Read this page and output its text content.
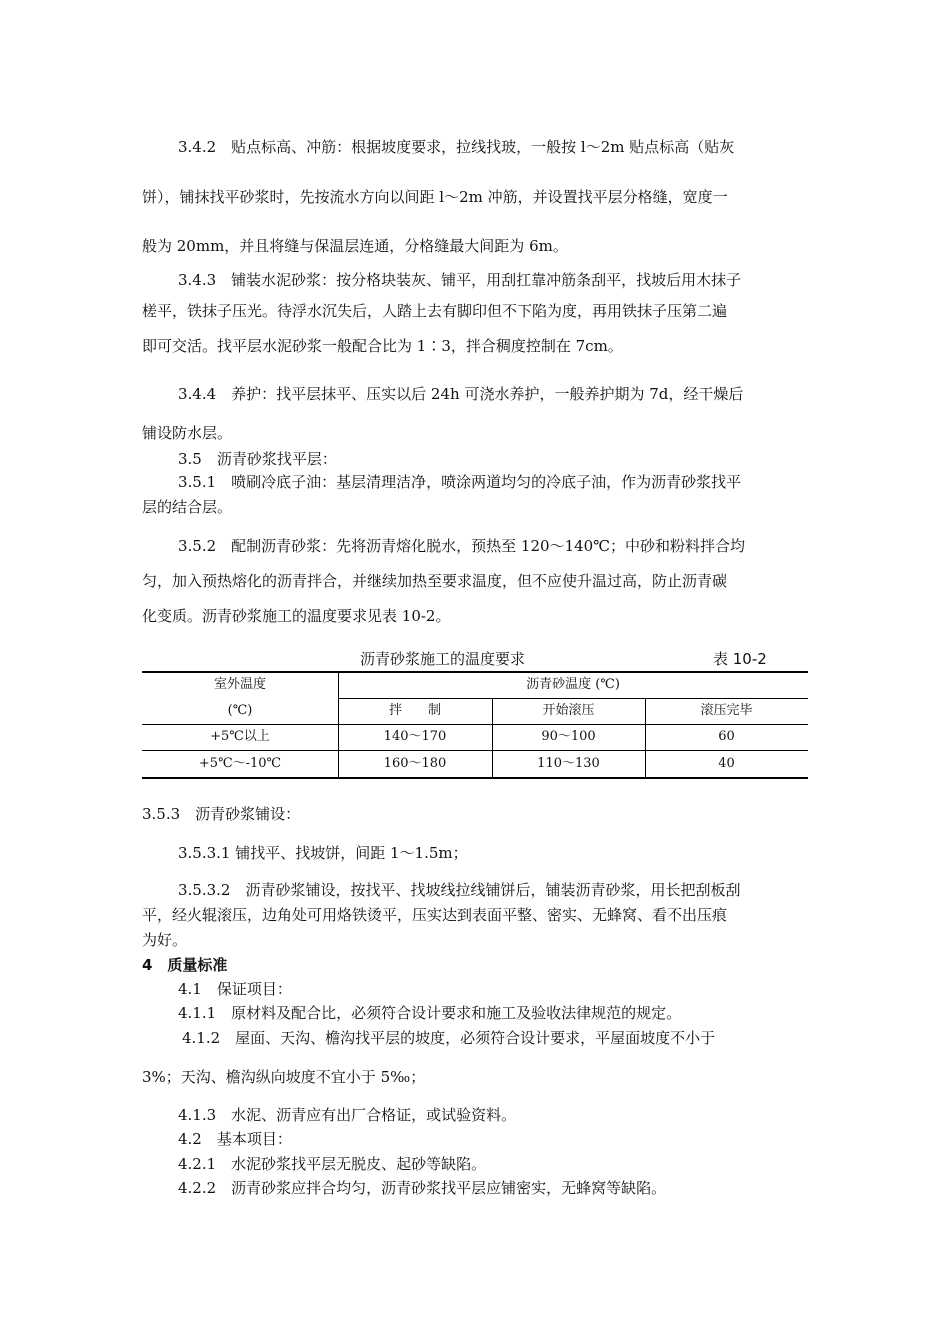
3.4.2　贴点标高、冲筋：根据坡度要求，拉线找玻，一般按 l～2m 贴点标高（贴灰
饼），铺抹找平砂浆时，先按流水方向以间距 l～2m 冲筋，并设置找平层分格缝，宽度一
般为 20mm，并且将缝与保温层连通，分格缝最大间距为 6m。
3.4.3　铺装水泥砂浆：按分格块装灰、铺平，用刮扛靠冲筋条刮平，找坡后用木抹子
槎平，铁抹子压光。待浮水沉失后，人踏上去有脚印但不下陷为度，再用铁抹子压第二遍
即可交活。找平层水泥砂浆一般配合比为 1∶3，拌合稠度控制在 7cm。
3.4.4　养护：找平层抹平、压实以后 24h 可浇水养护，一般养护期为 7d，经干燥后
铺设防水层。
3.5　沥青砂浆找平层：
3.5.1　喷刷冷底子油：基层清理洁净，喷涂两道均匀的冷底子油，作为沥青砂浆找平
层的结合层。
3.5.2　配制沥青砂浆：先将沥青熔化脱水，预热至 120～140℃；中砂和粉料拌合均
匀，加入预热熔化的沥青拌合，并继续加热至要求温度，但不应使升温过高，防止沥青碳
化变质。沥青砂浆施工的温度要求见表 10-2。
沥青砂浆施工的温度要求	表 10-2
室外温度
(℃)
沥青砂温度 (℃)
拌　　制	开始滚压	滚压完毕
+5℃以上	140～170	90～100	60
+5℃～-10℃	160～180	110～130	40
3.5.3　沥青砂浆铺设：
3.5.3.1 铺找平、找坡饼，间距 1～1.5m；
3.5.3.2　沥青砂浆铺设，按找平、找坡线拉线铺饼后，铺装沥青砂浆，用长把刮板刮
平，经火辊滚压，边角处可用烙铁烫平，压实达到表面平整、密实、无蜂窝、看不出压痕
为好。
4　质量标准
4.1　保证项目：
4.1.1　原材料及配合比，必须符合设计要求和施工及验收法律规范的规定。
4.1.2　屋面、天沟、檐沟找平层的坡度，必须符合设计要求，平屋面坡度不小于
3%；天沟、檐沟纵向坡度不宜小于 5‰；
4.1.3　水泥、沥青应有出厂合格证，或试验资料。
4.2　基本项目：
4.2.1　水泥砂浆找平层无脱皮、起砂等缺陷。
4.2.2　沥青砂浆应拌合均匀，沥青砂浆找平层应铺密实，无蜂窝等缺陷。
